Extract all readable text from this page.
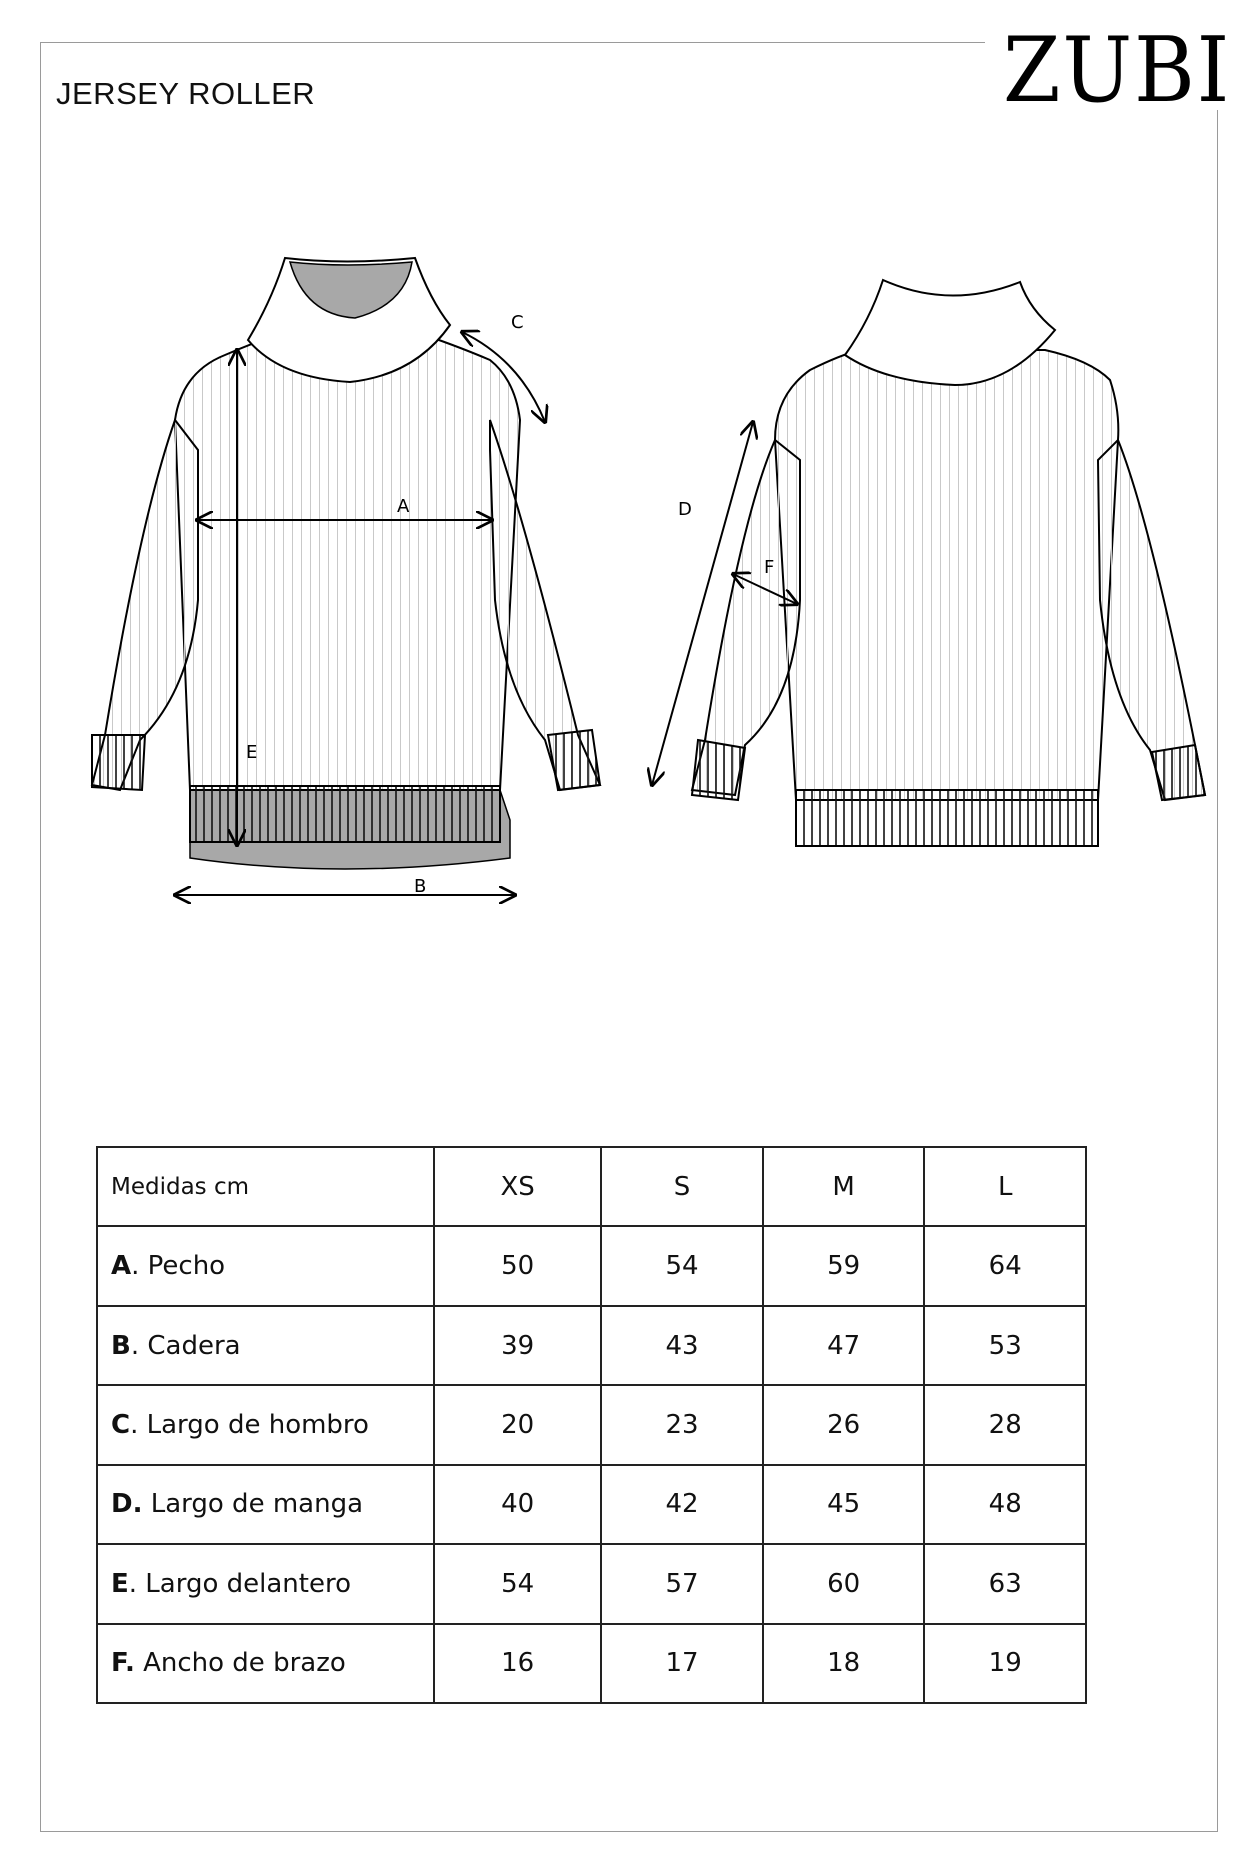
ZUBI
JERSEY ROLLER
A
B
C
E
D
F
Medidas cm	XS	S	M	L
A. Pecho	50	54	59	64
B. Cadera	39	43	47	53
C. Largo de hombro	20	23	26	28
D. Largo de manga	40	42	45	48
E. Largo delantero	54	57	60	63
F. Ancho de brazo	16	17	18	19
